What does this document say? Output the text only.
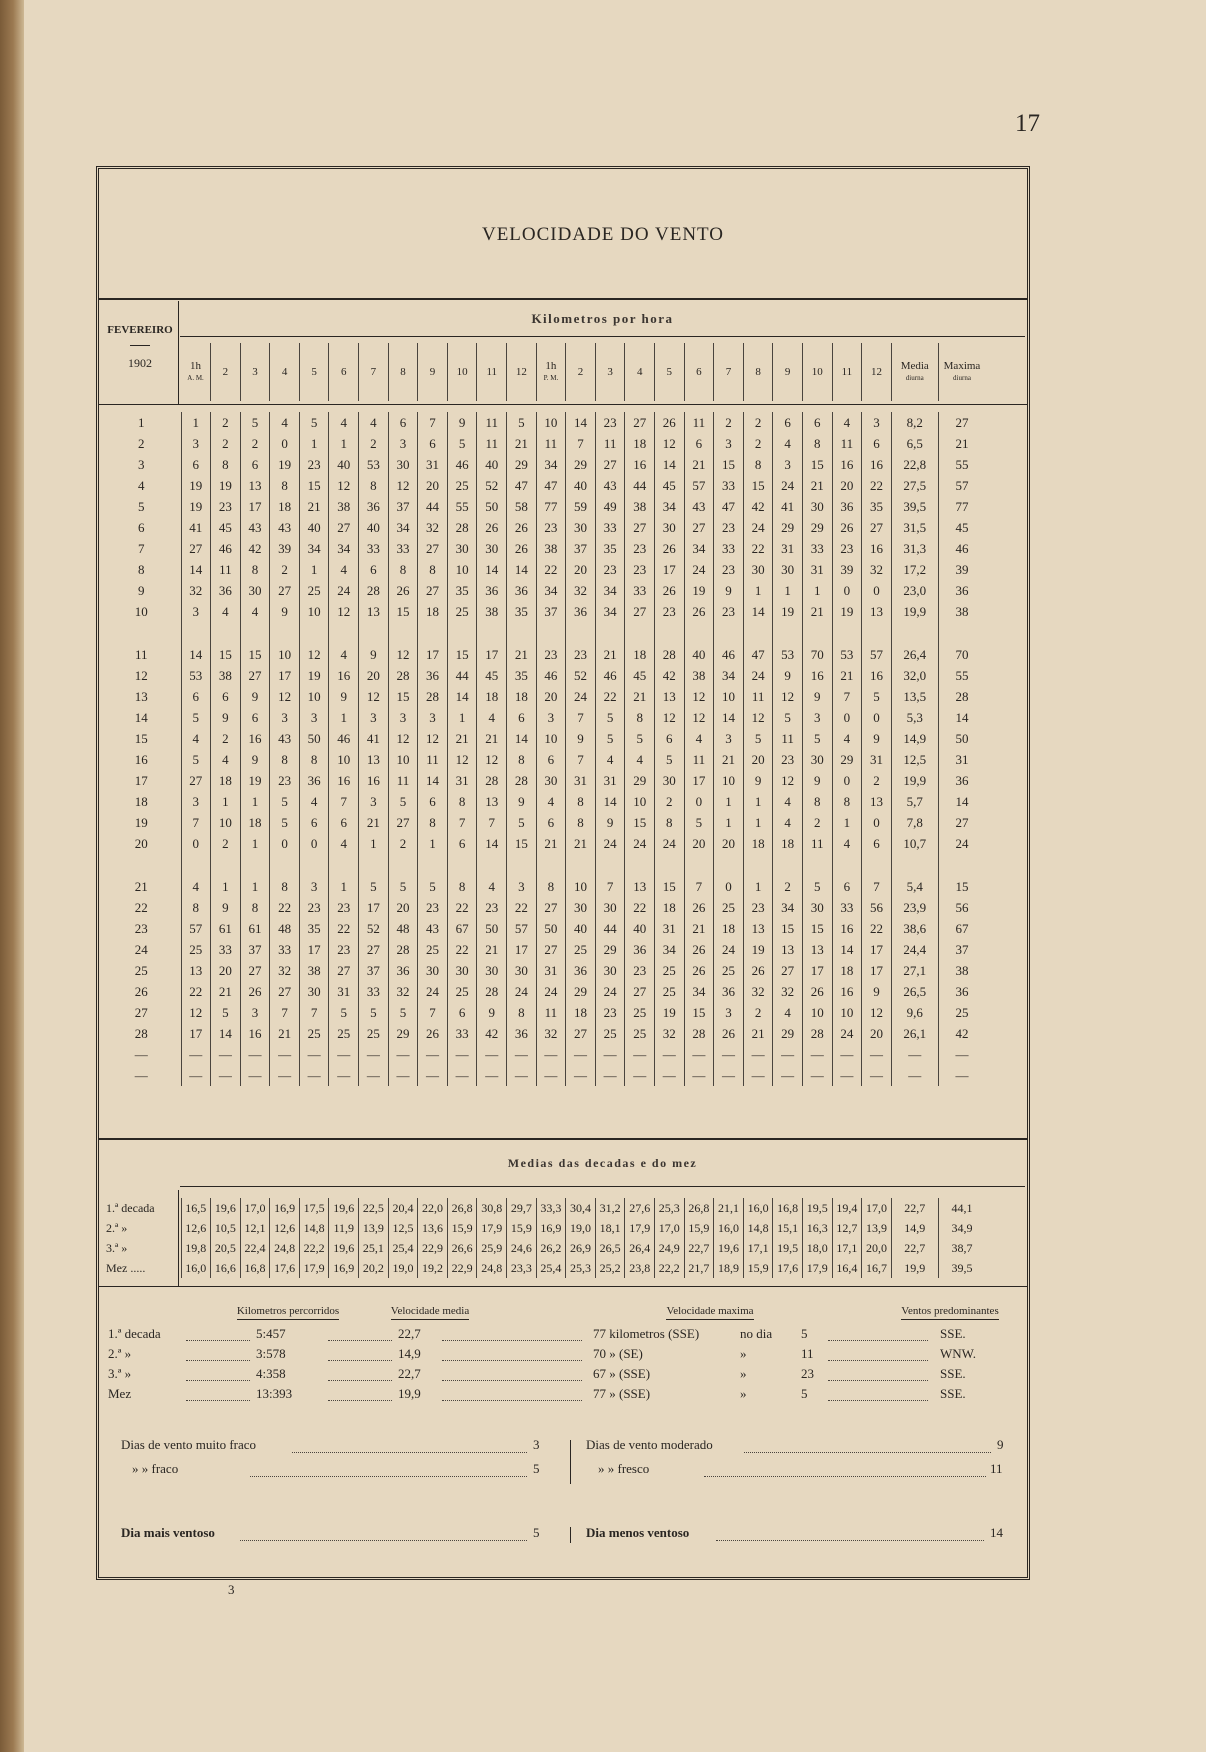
17
VELOCIDADE DO VENTO
Kilometros por hora
FEVEREIRO
1902	1h
A. M.	2	3	4	5	6	7	8	9	10	11	12	1h
P. M.	2	3	4	5	6	7	8	9	10	11	12	Media
diurna
	Maxima
diurna
1	1	2	5	4	5	4	4	6	7	9	11	5	10	14	23	27	26	11	2	2	6	6	4	3	8,2	27
2	3	2	2	0	1	1	2	3	6	5	11	21	11	7	11	18	12	6	3	2	4	8	11	6	6,5	21
3	6	8	6	19	23	40	53	30	31	46	40	29	34	29	27	16	14	21	15	8	3	15	16	16	22,8	55
4	19	19	13	8	15	12	8	12	20	25	52	47	47	40	43	44	45	57	33	15	24	21	20	22	27,5	57
5	19	23	17	18	21	38	36	37	44	55	50	58	77	59	49	38	34	43	47	42	41	30	36	35	39,5	77
6	41	45	43	43	40	27	40	34	32	28	26	26	23	30	33	27	30	27	23	24	29	29	26	27	31,5	45
7	27	46	42	39	34	34	33	33	27	30	30	26	38	37	35	23	26	34	33	22	31	33	23	16	31,3	46
8	14	11	8	2	1	4	6	8	8	10	14	14	22	20	23	23	17	24	23	30	30	31	39	32	17,2	39
9	32	36	30	27	25	24	28	26	27	35	36	36	34	32	34	33	26	19	9	1	1	1	0	0	23,0	36
10	3	4	4	9	10	12	13	15	18	25	38	35	37	36	34	27	23	26	23	14	19	21	19	13	19,9	38

11	14	15	15	10	12	4	9	12	17	15	17	21	23	23	21	18	28	40	46	47	53	70	53	57	26,4	70
12	53	38	27	17	19	16	20	28	36	44	45	35	46	52	46	45	42	38	34	24	9	16	21	16	32,0	55
13	6	6	9	12	10	9	12	15	28	14	18	18	20	24	22	21	13	12	10	11	12	9	7	5	13,5	28
14	5	9	6	3	3	1	3	3	3	1	4	6	3	7	5	8	12	12	14	12	5	3	0	0	5,3	14
15	4	2	16	43	50	46	41	12	12	21	21	14	10	9	5	5	6	4	3	5	11	5	4	9	14,9	50
16	5	4	9	8	8	10	13	10	11	12	12	8	6	7	4	4	5	11	21	20	23	30	29	31	12,5	31
17	27	18	19	23	36	16	16	11	14	31	28	28	30	31	31	29	30	17	10	9	12	9	0	2	19,9	36
18	3	1	1	5	4	7	3	5	6	8	13	9	4	8	14	10	2	0	1	1	4	8	8	13	5,7	14
19	7	10	18	5	6	6	21	27	8	7	7	5	6	8	9	15	8	5	1	1	4	2	1	0	7,8	27
20	0	2	1	0	0	4	1	2	1	6	14	15	21	21	24	24	24	20	20	18	18	11	4	6	10,7	24

21	4	1	1	8	3	1	5	5	5	8	4	3	8	10	7	13	15	7	0	1	2	5	6	7	5,4	15
22	8	9	8	22	23	23	17	20	23	22	23	22	27	30	30	22	18	26	25	23	34	30	33	56	23,9	56
23	57	61	61	48	35	22	52	48	43	67	50	57	50	40	44	40	31	21	18	13	15	15	16	22	38,6	67
24	25	33	37	33	17	23	27	28	25	22	21	17	27	25	29	36	34	26	24	19	13	13	14	17	24,4	37
25	13	20	27	32	38	27	37	36	30	30	30	30	31	36	30	23	25	26	25	26	27	17	18	17	27,1	38
26	22	21	26	27	30	31	33	32	24	25	28	24	24	29	24	27	25	34	36	32	32	26	16	9	26,5	36
27	12	5	3	7	7	5	5	5	7	6	9	8	11	18	23	25	19	15	3	2	4	10	10	12	9,6	25
28	17	14	16	21	25	25	25	29	26	33	42	36	32	27	25	25	32	28	26	21	29	28	24	20	26,1	42
—	—	—	—	—	—	—	—	—	—	—	—	—	—	—	—	—	—	—	—	—	—	—	—	—	—	—
—	—	—	—	—	—	—	—	—	—	—	—	—	—	—	—	—	—	—	—	—	—	—	—	—	—	—
Medias das decadas e do mez
1.ª decada	16,5	19,6	17,0	16,9	17,5	19,6	22,5	20,4	22,0	26,8	30,8	29,7	33,3	30,4	31,2	27,6	25,3	26,8	21,1	16,0	16,8	19,5	19,4	17,0	22,7	44,1
2.ª »	12,6	10,5	12,1	12,6	14,8	11,9	13,9	12,5	13,6	15,9	17,9	15,9	16,9	19,0	18,1	17,9	17,0	15,9	16,0	14,8	15,1	16,3	12,7	13,9	14,9	34,9
3.ª »	19,8	20,5	22,4	24,8	22,2	19,6	25,1	25,4	22,9	26,6	25,9	24,6	26,2	26,9	26,5	26,4	24,9	22,7	19,6	17,1	19,5	18,0	17,1	20,0	22,7	38,7
Mez .....	16,0	16,6	16,8	17,6	17,9	16,9	20,2	19,0	19,2	22,9	24,8	23,3	25,4	25,3	25,2	23,8	22,2	21,7	18,9	15,9	17,6	17,9	16,4	16,7	19,9	39,5
Kilometros percorridos	Velocidade media	Velocidade maxima	Ventos predominantes
1.ª decada	5:457	22,7	77 kilometros (SSE)	no dia 5	SSE.
2.ª »	3:578	14,9	70 » (SE)	»	11	WNW.
3.ª »	4:358	22,7	67 » (SSE)	»	23	SSE.
Mez	13:393	19,9	77 » (SSE)	»	5	SSE.
Dias de vento muito fraco	3
» » fraco	5
Dias de vento moderado	9
» » fresco	11
Dia mais ventoso	5	Dia menos ventoso	14
3
